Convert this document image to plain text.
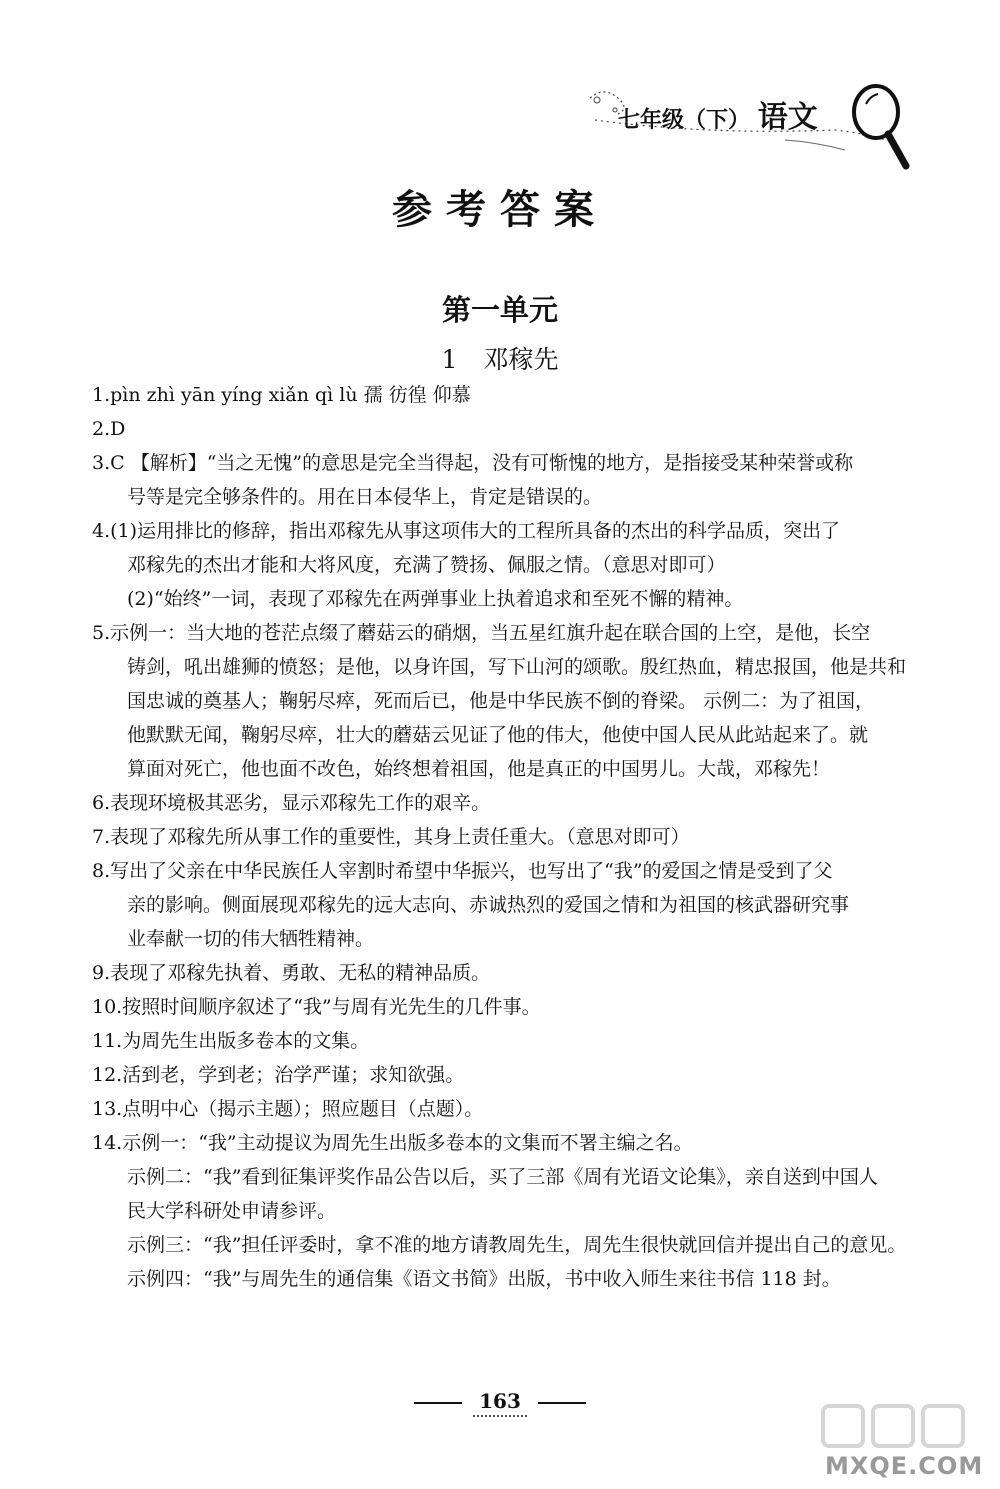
七年级（下） 语文
参考答案
第一单元
1 邓稼先
1.pìn zhì yān yíng xiǎn qì lù 孺 彷徨 仰慕
2.D
3.C 【解析】“当之无愧”的意思是完全当得起，没有可惭愧的地方，是指接受某种荣誉或称
号等是完全够条件的。用在日本侵华上，肯定是错误的。
4.(1)运用排比的修辞，指出邓稼先从事这项伟大的工程所具备的杰出的科学品质，突出了
邓稼先的杰出才能和大将风度，充满了赞扬、佩服之情。（意思对即可）
(2)“始终”一词，表现了邓稼先在两弹事业上执着追求和至死不懈的精神。
5.示例一：当大地的苍茫点缀了蘑菇云的硝烟，当五星红旗升起在联合国的上空，是他，长空
铸剑，吼出雄狮的愤怒；是他，以身许国，写下山河的颂歌。殷红热血，精忠报国，他是共和
国忠诚的奠基人；鞠躬尽瘁，死而后已，他是中华民族不倒的脊梁。 示例二：为了祖国，
他默默无闻，鞠躬尽瘁，壮大的蘑菇云见证了他的伟大，他使中国人民从此站起来了。就
算面对死亡，他也面不改色，始终想着祖国，他是真正的中国男儿。大哉，邓稼先！
6.表现环境极其恶劣，显示邓稼先工作的艰辛。
7.表现了邓稼先所从事工作的重要性，其身上责任重大。（意思对即可）
8.写出了父亲在中华民族任人宰割时希望中华振兴，也写出了“我”的爱国之情是受到了父
亲的影响。侧面展现邓稼先的远大志向、赤诚热烈的爱国之情和为祖国的核武器研究事
业奉献一切的伟大牺牲精神。
9.表现了邓稼先执着、勇敢、无私的精神品质。
10.按照时间顺序叙述了“我”与周有光先生的几件事。
11.为周先生出版多卷本的文集。
12.活到老，学到老；治学严谨；求知欲强。
13.点明中心（揭示主题）；照应题目（点题）。
14.示例一：“我”主动提议为周先生出版多卷本的文集而不署主编之名。
示例二：“我”看到征集评奖作品公告以后，买了三部《周有光语文论集》，亲自送到中国人
民大学科研处申请参评。
示例三：“我”担任评委时，拿不准的地方请教周先生，周先生很快就回信并提出自己的意见。
示例四：“我”与周先生的通信集《语文书简》出版，书中收入师生来往书信 118 封。
163
MXQE.COM
